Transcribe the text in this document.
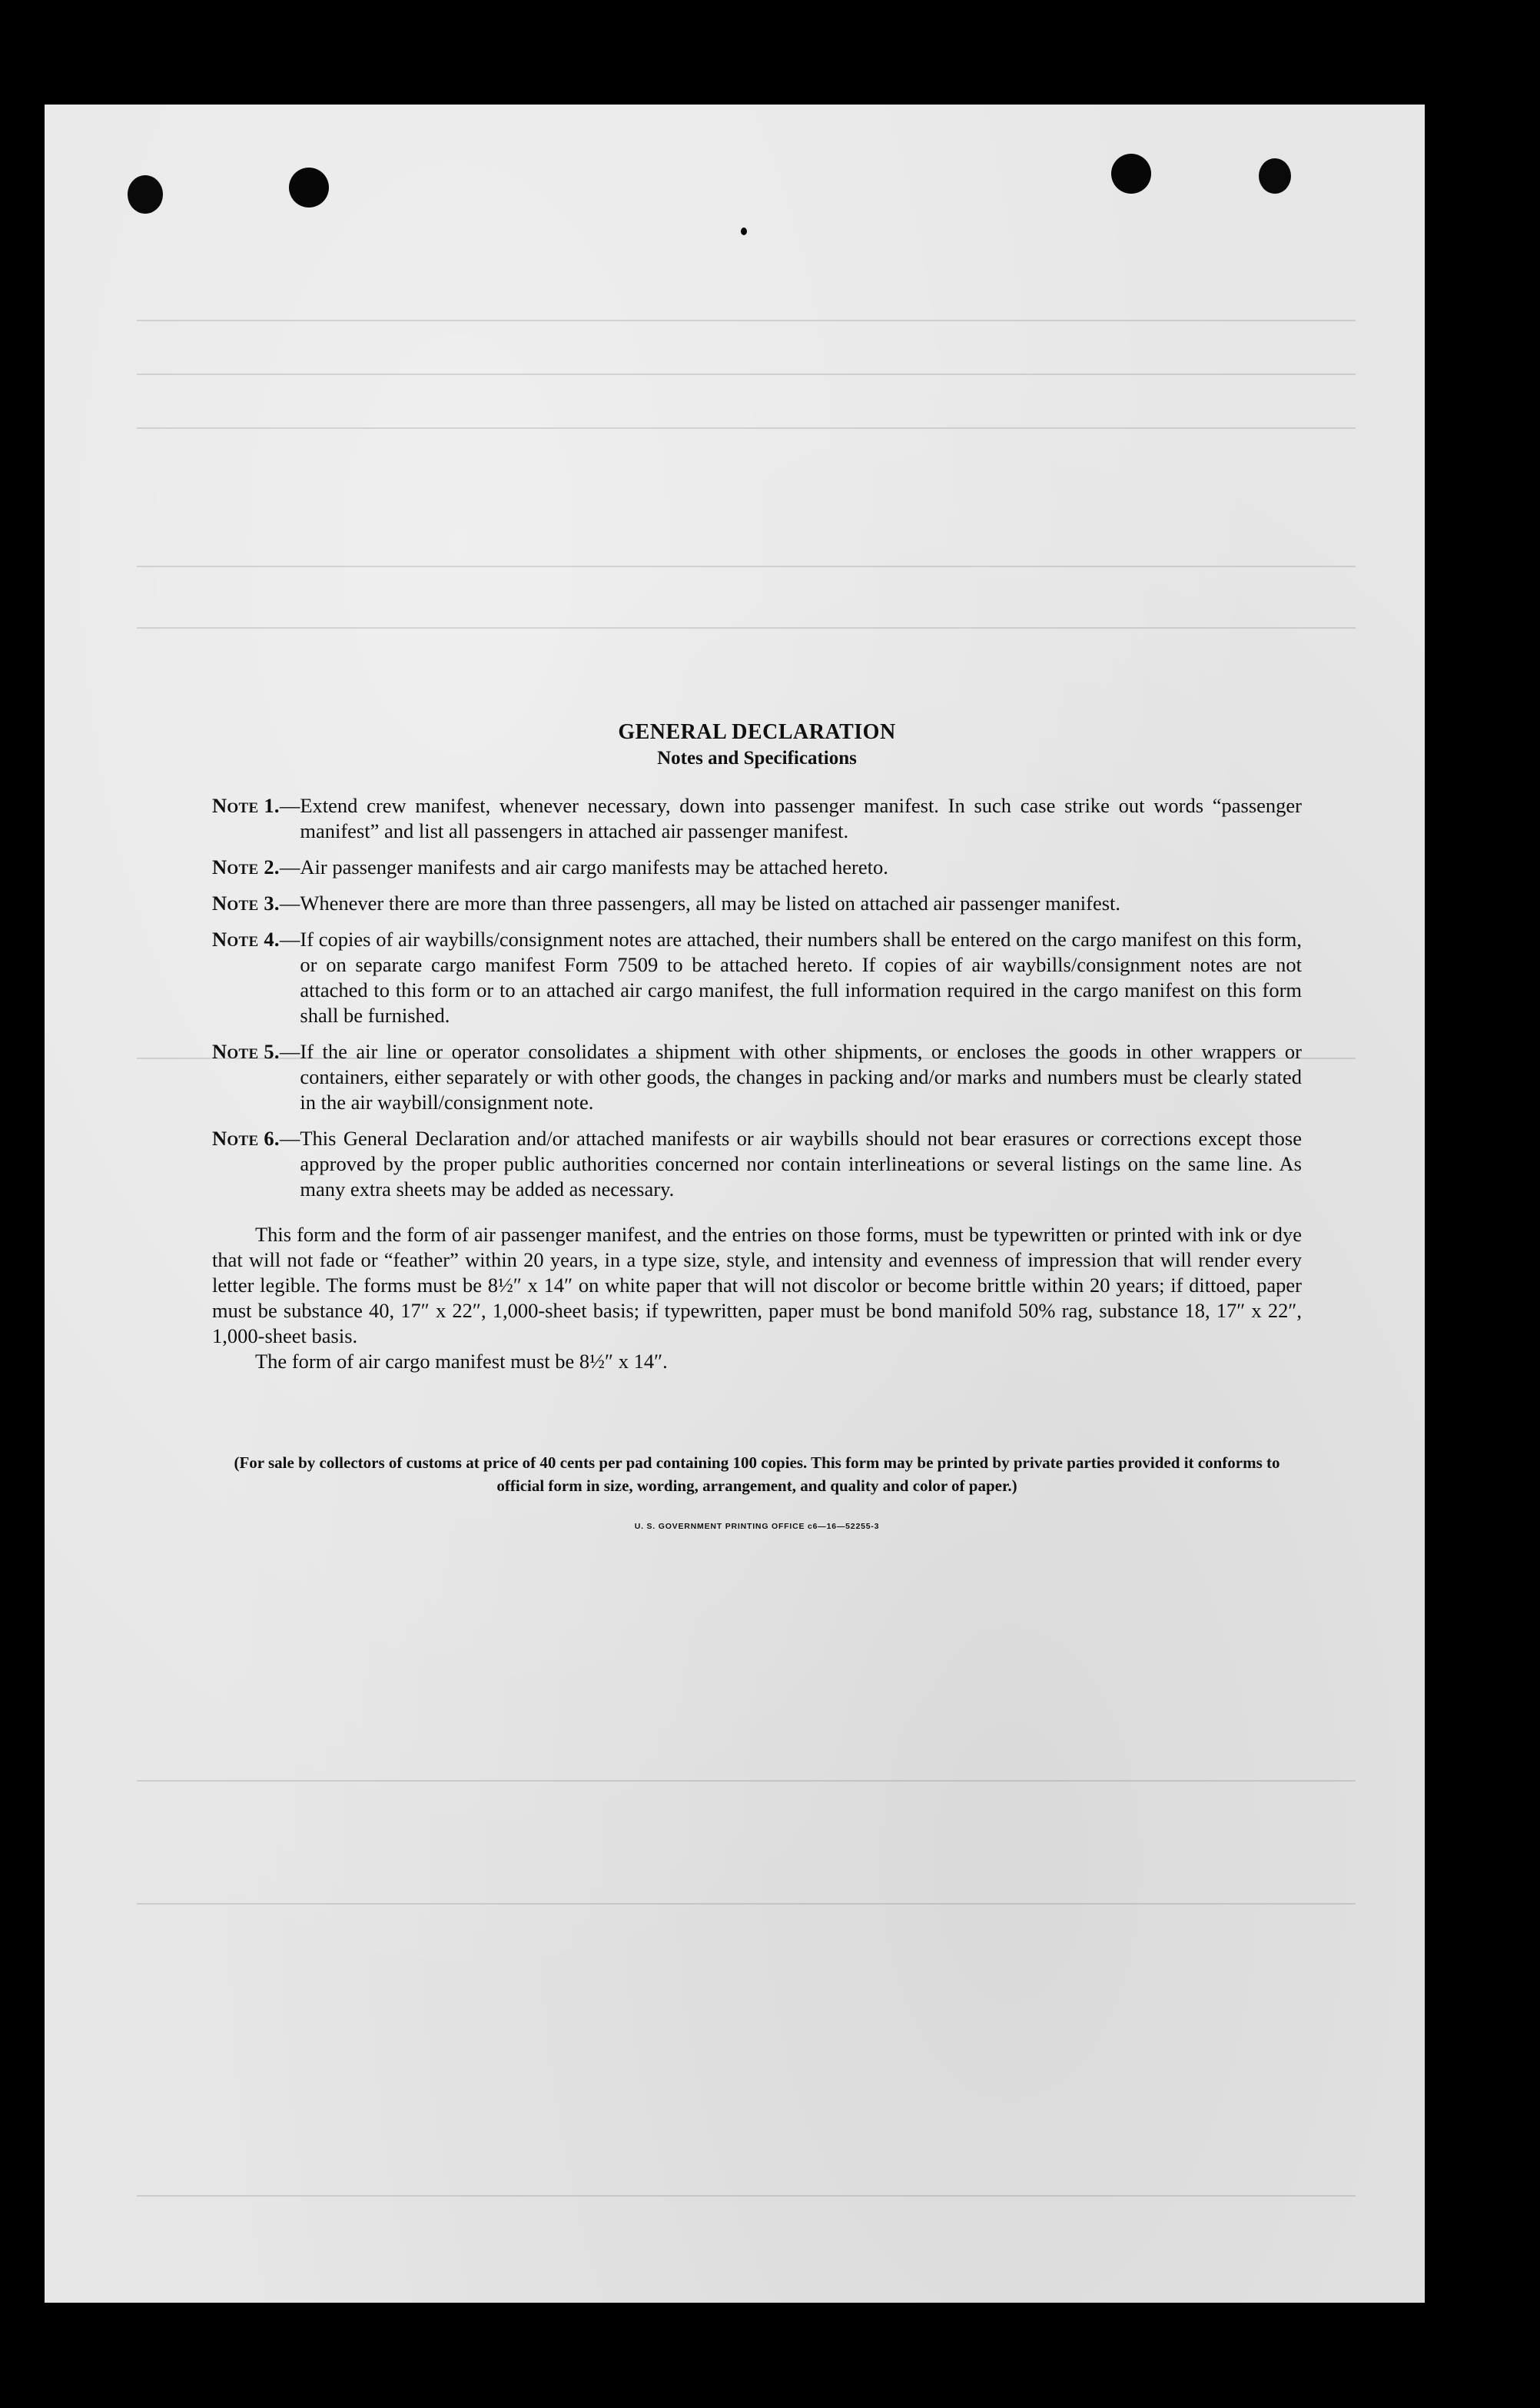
GENERAL DECLARATION
Notes and Specifications
Note 1. — Extend crew manifest, whenever necessary, down into passenger manifest. In such case strike out words “passenger manifest” and list all passengers in attached air passenger manifest.
Note 2. — Air passenger manifests and air cargo manifests may be attached hereto.
Note 3. — Whenever there are more than three passengers, all may be listed on attached air passenger manifest.
Note 4. — If copies of air waybills/consignment notes are attached, their numbers shall be entered on the cargo manifest on this form, or on separate cargo manifest Form 7509 to be attached hereto. If copies of air waybills/consignment notes are not attached to this form or to an attached air cargo manifest, the full information required in the cargo manifest on this form shall be furnished.
Note 5. — If the air line or operator consolidates a shipment with other shipments, or encloses the goods in other wrappers or containers, either separately or with other goods, the changes in packing and/or marks and numbers must be clearly stated in the air waybill/consignment note.
Note 6. — This General Declaration and/or attached manifests or air waybills should not bear erasures or corrections except those approved by the proper public authorities concerned nor contain interlineations or several listings on the same line. As many extra sheets may be added as necessary.

This form and the form of air passenger manifest, and the entries on those forms, must be typewritten or printed with ink or dye that will not fade or “feather” within 20 years, in a type size, style, and intensity and evenness of impression that will render every letter legible. The forms must be 8½″ x 14″ on white paper that will not discolor or become brittle within 20 years; if dittoed, paper must be substance 40, 17″ x 22″, 1,000-sheet basis; if typewritten, paper must be bond manifold 50% rag, substance 18, 17″ x 22″, 1,000-sheet basis.

The form of air cargo manifest must be 8½″ x 14″.

(For sale by collectors of customs at price of 40 cents per pad containing 100 copies. This form may be printed by private parties provided it conforms to official form in size, wording, arrangement, and quality and color of paper.)

U. S. GOVERNMENT PRINTING OFFICE c6—16—52255-3
